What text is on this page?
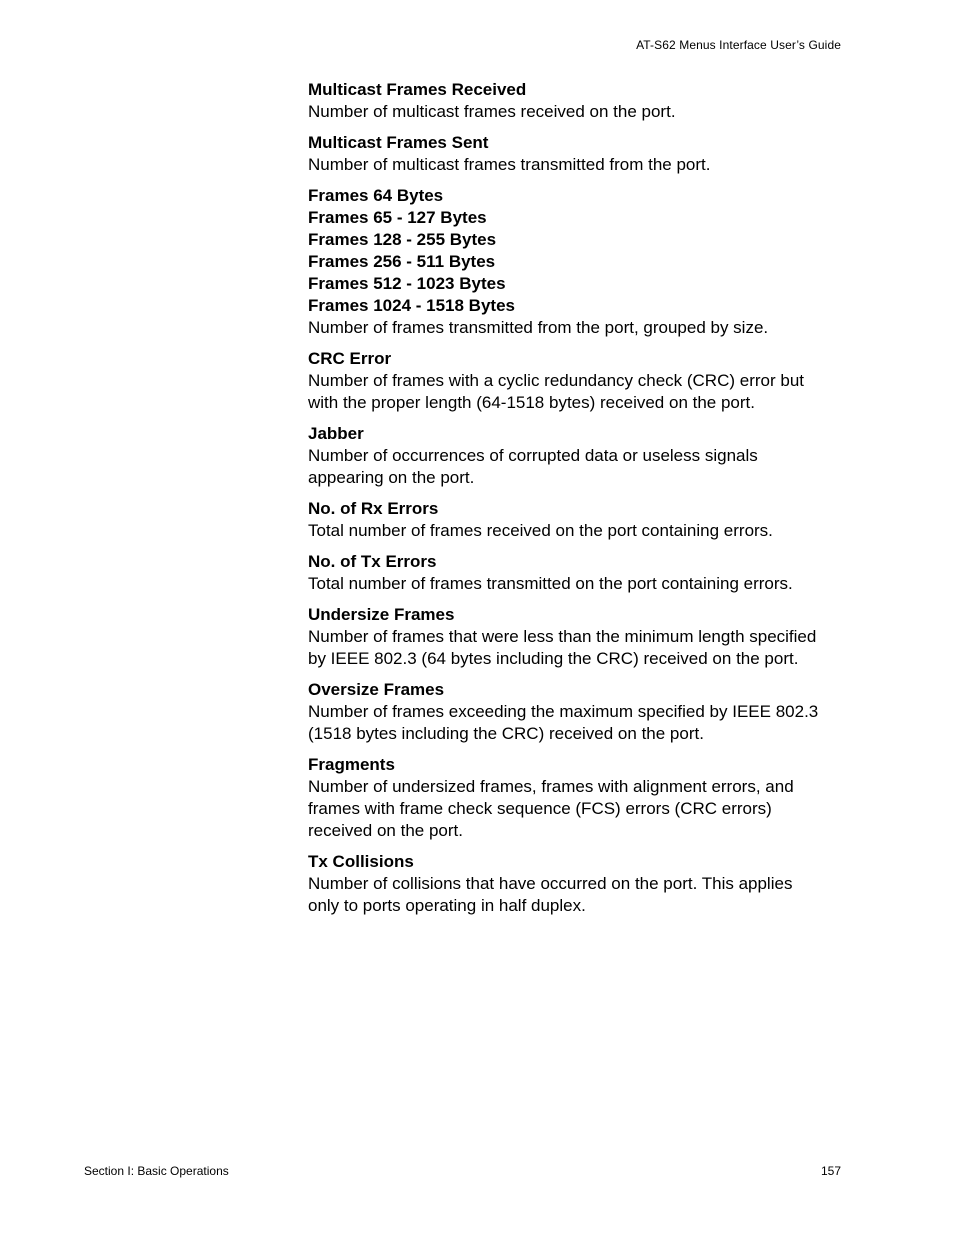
AT-S62 Menus Interface User’s Guide
Multicast Frames Received
Number of multicast frames received on the port.
Multicast Frames Sent
Number of multicast frames transmitted from the port.
Frames 64 Bytes
Frames 65 - 127 Bytes
Frames 128 - 255 Bytes
Frames 256 - 511 Bytes
Frames 512 - 1023 Bytes
Frames 1024 - 1518 Bytes
Number of frames transmitted from the port, grouped by size.
CRC Error
Number of frames with a cyclic redundancy check (CRC) error but with the proper length (64-1518 bytes) received on the port.
Jabber
Number of occurrences of corrupted data or useless signals appearing on the port.
No. of Rx Errors
Total number of frames received on the port containing errors.
No. of Tx Errors
Total number of frames transmitted on the port containing errors.
Undersize Frames
Number of frames that were less than the minimum length specified by IEEE 802.3 (64 bytes including the CRC) received on the port.
Oversize Frames
Number of frames exceeding the maximum specified by IEEE 802.3 (1518 bytes including the CRC) received on the port.
Fragments
Number of undersized frames, frames with alignment errors, and frames with frame check sequence (FCS) errors (CRC errors) received on the port.
Tx Collisions
Number of collisions that have occurred on the port. This applies only to ports operating in half duplex.
Section I: Basic Operations	157
